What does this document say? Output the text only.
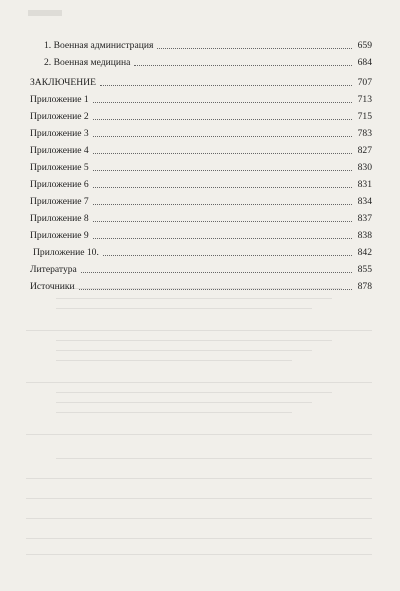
1. Военная администрация	659
2. Военная медицина	684
ЗАКЛЮЧЕНИЕ	707
Приложение 1	713
Приложение 2	715
Приложение 3	783
Приложение 4	827
Приложение 5	830
Приложение 6	831
Приложение 7	834
Приложение 8	837
Приложение 9	838
Приложение 10.	842
Литература	855
Источники	878
